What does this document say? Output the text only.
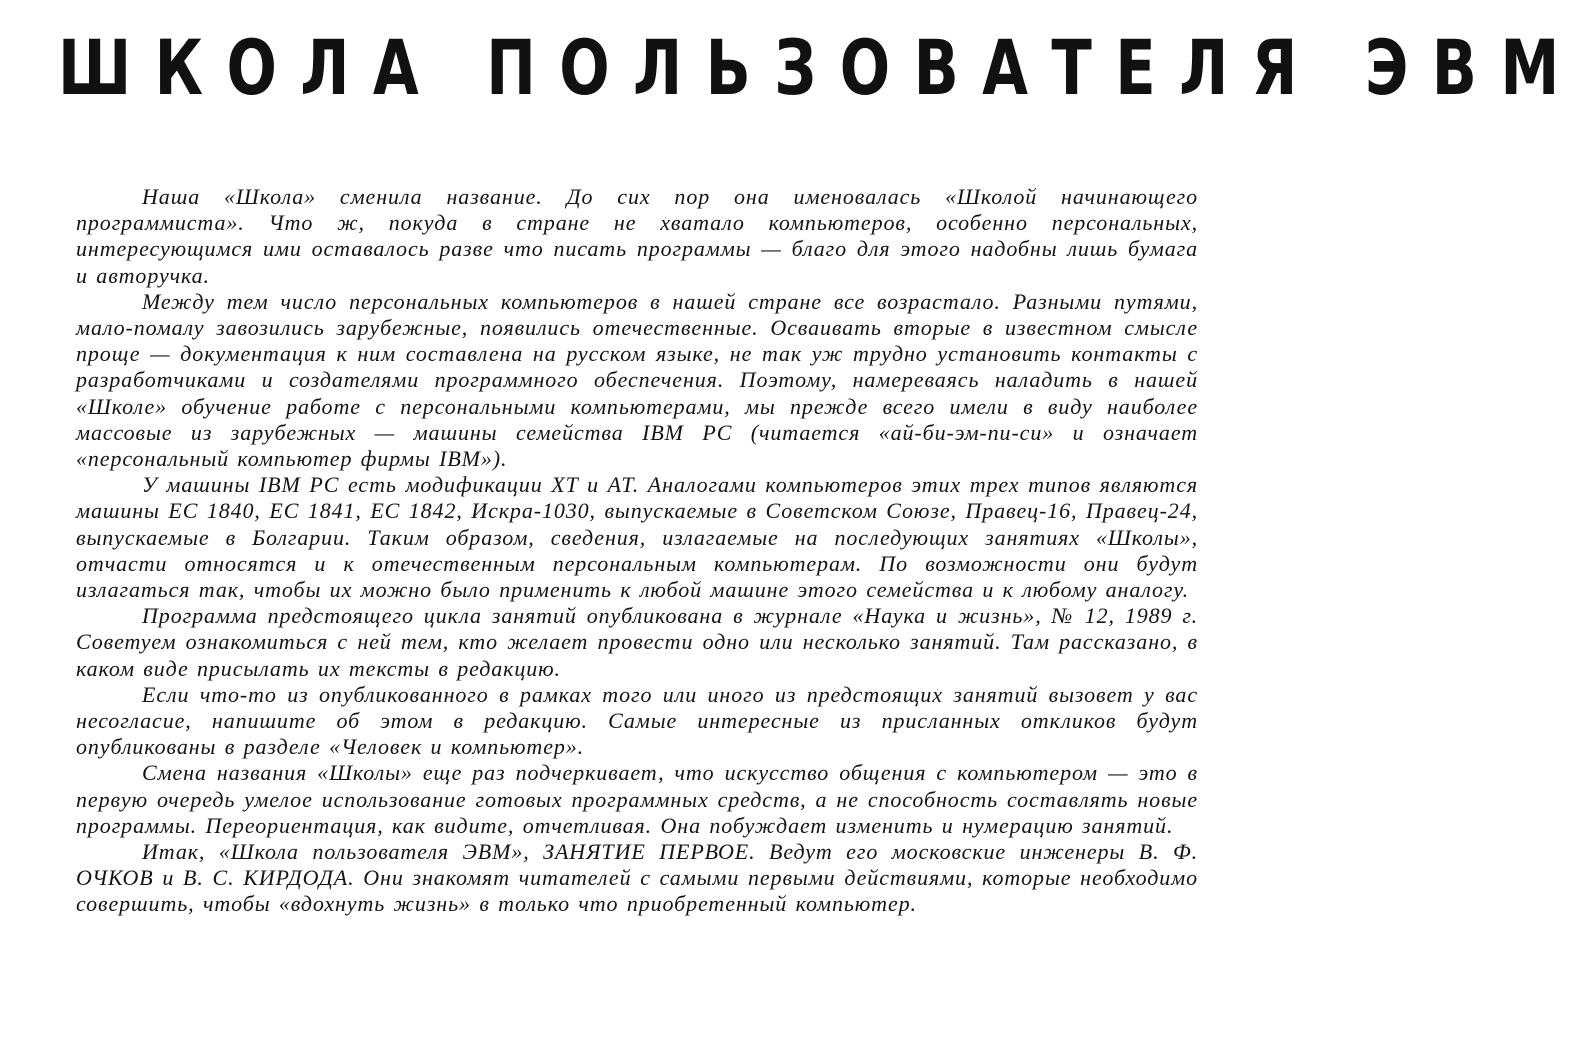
ШКОЛА ПОЛЬЗОВАТЕЛЯ ЭВМ

Наша «Школа» сменила название. До сих пор она именовалась «Школой начинающего программиста». Что ж, покуда в стране не хватало компьютеров, особенно персональных, интересующимся ими оставалось разве что писать программы — благо для этого надобны лишь бумага и авторучка.

Между тем число персональных компьютеров в нашей стране все возрастало. Разными путями, мало-помалу завозились зарубежные, появились отечественные. Осваивать вторые в известном смысле проще — документация к ним составлена на русском языке, не так уж трудно установить контакты с разработчиками и создателями программного обеспечения. Поэтому, намереваясь наладить в нашей «Школе» обучение работе с персональными компьютерами, мы прежде всего имели в виду наиболее массовые из зарубежных — машины семейства IBM PC (читается «ай-би-эм-пи-си» и означает «персональный компьютер фирмы IBM»).

У машины IBM PC есть модификации XT и AT. Аналогами компьютеров этих трех типов являются машины ЕС 1840, ЕС 1841, ЕС 1842, Искра-1030, выпускаемые в Советском Союзе, Правец-16, Правец-24, выпускаемые в Болгарии. Таким образом, сведения, излагаемые на последующих занятиях «Школы», отчасти относятся и к отечественным персональным компьютерам. По возможности они будут излагаться так, чтобы их можно было применить к любой машине этого семейства и к любому аналогу.

Программа предстоящего цикла занятий опубликована в журнале «Наука и жизнь», № 12, 1989 г. Советуем ознакомиться с ней тем, кто желает провести одно или несколько занятий. Там рассказано, в каком виде присылать их тексты в редакцию.

Если что-то из опубликованного в рамках того или иного из предстоящих занятий вызовет у вас несогласие, напишите об этом в редакцию. Самые интересные из присланных откликов будут опубликованы в разделе «Человек и компьютер».

Смена названия «Школы» еще раз подчеркивает, что искусство общения с компьютером — это в первую очередь умелое использование готовых программных средств, а не способность составлять новые программы. Переориентация, как видите, отчетливая. Она побуждает изменить и нумерацию занятий.

Итак, «Школа пользователя ЭВМ», ЗАНЯТИЕ ПЕРВОЕ. Ведут его московские инженеры В. Ф. ОЧКОВ и В. С. КИРДОДА. Они знакомят читателей с самыми первыми действиями, которые необходимо совершить, чтобы «вдохнуть жизнь» в только что приобретенный компьютер.
